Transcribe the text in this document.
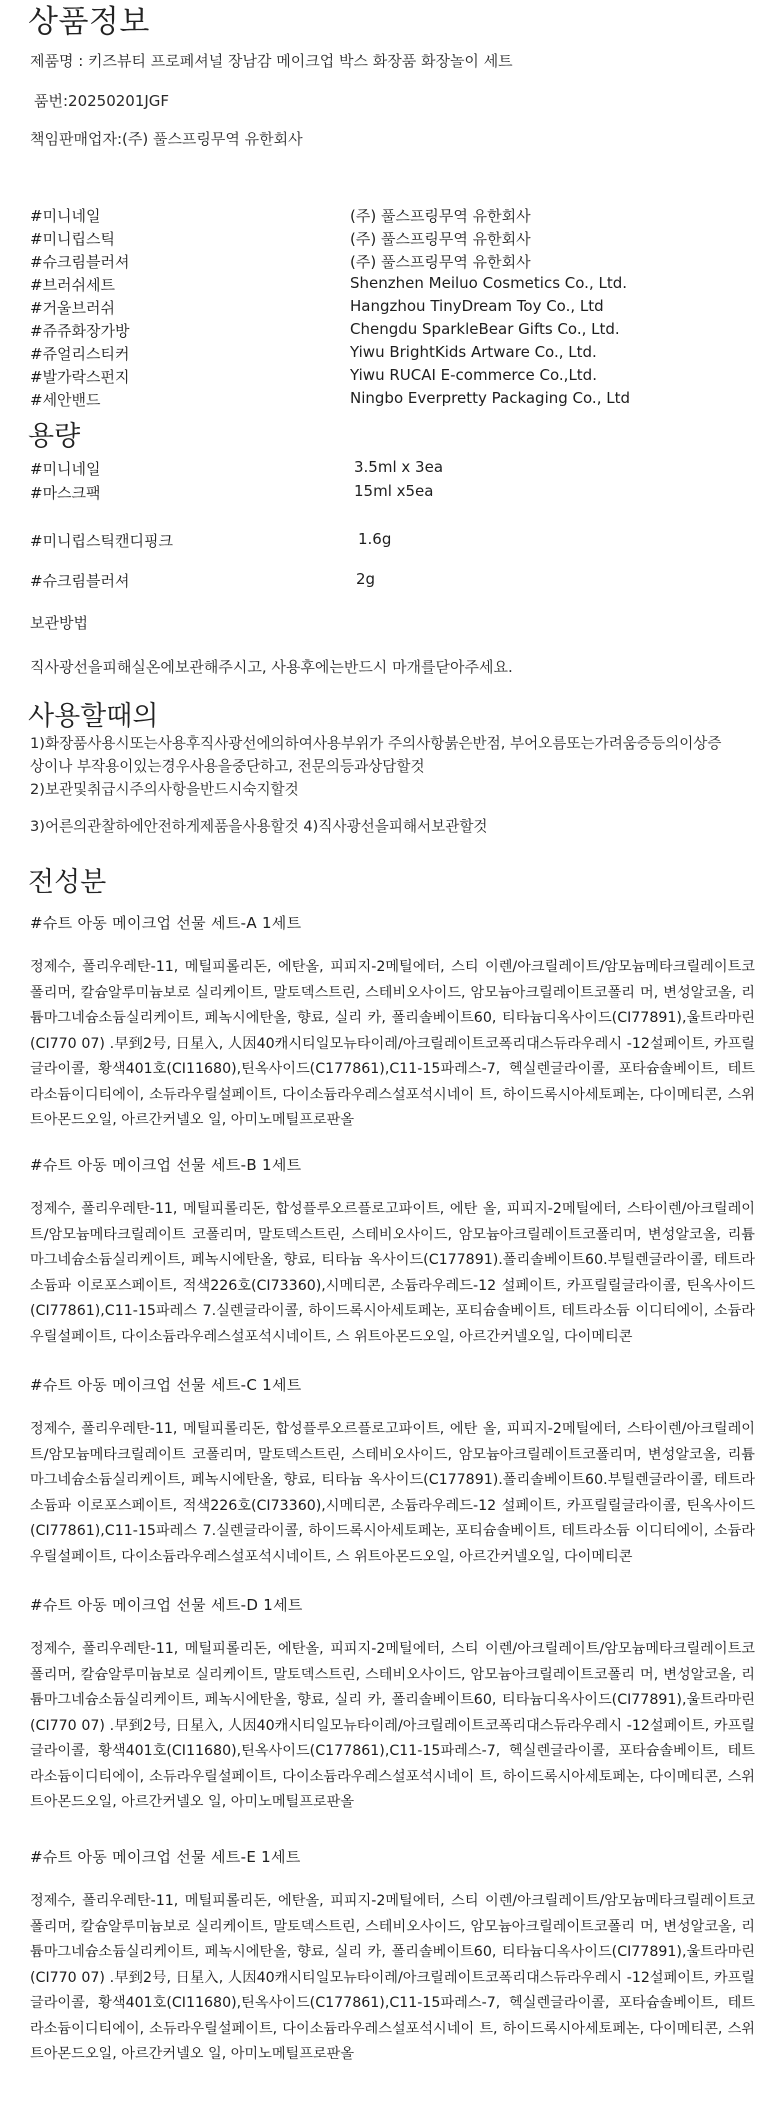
상품정보
제품명 : 키즈뷰티 프로페셔널 장남감 메이크업 박스 화장품 화장놀이 세트
품번:20250201JGF
책임판매업자:(주) 풀스프링무역 유한회사
#미니네일	(주) 풀스프링무역 유한회사
#미니립스틱	(주) 풀스프링무역 유한회사
#슈크림블러셔	(주) 풀스프링무역 유한회사
#브러쉬세트	Shenzhen Meiluo Cosmetics Co., Ltd.
#거울브러쉬	Hangzhou TinyDream Toy Co., Ltd
#쥬쥬화장가방	Chengdu SparkleBear Gifts Co., Ltd.
#쥬얼리스티커	Yiwu BrightKids Artware Co., Ltd.
#발가락스펀지	Yiwu RUCAI E-commerce Co.,Ltd.
#세안밴드	Ningbo Everpretty Packaging Co., Ltd
용량
#미니네일	3.5ml x 3ea
#마스크팩	15ml x5ea
#미니립스틱캔디핑크	1.6g
#슈크림블러셔	2g
보관방법
직사광선을피해실온에보관해주시고, 사용후에는반드시 마개를닫아주세요.
사용할때의
1)화장품사용시또는사용후직사광선에의하여사용부위가 주의사항붉은반점, 부어오름또는가려움증등의이상증
상이나 부작용이있는경우사용을중단하고, 전문의등과상담할것
2)보관및취급시주의사항을반드시숙지할것
3)어른의관찰하에안전하게제품을사용할것 4)직사광선을피해서보관할것
전성분
#슈트 아동 메이크업 선물 세트-A 1세트
정제수, 폴리우레탄-11, 메틸피롤리돈, 에탄올, 피피지-2메틸에터, 스티 이렌/아크릴레이트/암모늄메타크릴레이트코폴리머, 칼슘알루미늄보로 실리케이트, 말토덱스트린, 스테비오사이드, 암모늄아크릴레이트코폴리 머, 변성알코올, 리튬마그네슘소듐실리케이트, 페녹시에탄올, 향료, 실리 카, 폴리솔베이트60, 티타늄디옥사이드(CI77891),울트라마린(CI770 07) .早到2号, 日星入, 人因40캐시티일모뉴타이레/아크릴레이트코폭리대스듀라우레시 -12설페이트, 카프릴글라이콜, 황색401호(CI11680),틴옥사이드(C177861),C11-15파레스-7, 헥실렌글라이콜, 포타슘솔베이트, 테트 라소듐이디티에이, 소듀라우릴설페이트, 다이소듐라우레스설포석시네이 트, 하이드록시아세토페논, 다이메티콘, 스위트아몬드오일, 아르간커넬오 일, 아미노메틸프로판올
#슈트 아동 메이크업 선물 세트-B 1세트
정제수, 폴리우레탄-11, 메틸피롤리돈, 합성플루오르플로고파이트, 에탄 올, 피피지-2메틸에터, 스타이렌/아크릴레이트/암모늄메타크릴레이트 코폴리머, 말토덱스트린, 스테비오사이드, 암모늄아크릴레이트코폴리머, 변성알코올, 리튬마그네슘소듐실리케이트, 페녹시에탄올, 향료, 티타늄 옥사이드(C177891).폴리솔베이트60.부틸렌글라이콜, 테트라소듐파 이로포스페이트, 적색226호(CI73360),시메티콘, 소듐라우레드-12 설페이트, 카프릴릴글라이콜, 틴옥사이드(CI77861),C11-15파레스 7.실렌글라이콜, 하이드록시아세토페논, 포티슘솔베이트, 테트라소듐 이디티에이, 소듐라우릴설페이트, 다이소듐라우레스설포석시네이트, 스 위트아몬드오일, 아르간커넬오일, 다이메티콘
#슈트 아동 메이크업 선물 세트-C 1세트
정제수, 폴리우레탄-11, 메틸피롤리돈, 합성플루오르플로고파이트, 에탄 올, 피피지-2메틸에터, 스타이렌/아크릴레이트/암모늄메타크릴레이트 코폴리머, 말토덱스트린, 스테비오사이드, 암모늄아크릴레이트코폴리머, 변성알코올, 리튬마그네슘소듐실리케이트, 페녹시에탄올, 향료, 티타늄 옥사이드(C177891).폴리솔베이트60.부틸렌글라이콜, 테트라소듐파 이로포스페이트, 적색226호(CI73360),시메티콘, 소듐라우레드-12 설페이트, 카프릴릴글라이콜, 틴옥사이드(CI77861),C11-15파레스 7.실렌글라이콜, 하이드록시아세토페논, 포티슘솔베이트, 테트라소듐 이디티에이, 소듐라우릴설페이트, 다이소듐라우레스설포석시네이트, 스 위트아몬드오일, 아르간커넬오일, 다이메티콘
#슈트 아동 메이크업 선물 세트-D 1세트
정제수, 폴리우레탄-11, 메틸피롤리돈, 에탄올, 피피지-2메틸에터, 스티 이렌/아크릴레이트/암모늄메타크릴레이트코폴리머, 칼슘알루미늄보로 실리케이트, 말토덱스트린, 스테비오사이드, 암모늄아크릴레이트코폴리 머, 변성알코올, 리튬마그네슘소듐실리케이트, 페녹시에탄올, 향료, 실리 카, 폴리솔베이트60, 티타늄디옥사이드(CI77891),울트라마린(CI770 07) .早到2号, 日星入, 人因40캐시티일모뉴타이레/아크릴레이트코폭리대스듀라우레시 -12설페이트, 카프릴글라이콜, 황색401호(CI11680),틴옥사이드(C177861),C11-15파레스-7, 헥실렌글라이콜, 포타슘솔베이트, 테트 라소듐이디티에이, 소듀라우릴설페이트, 다이소듐라우레스설포석시네이 트, 하이드록시아세토페논, 다이메티콘, 스위트아몬드오일, 아르간커넬오 일, 아미노메틸프로판올
#슈트 아동 메이크업 선물 세트-E 1세트
정제수, 폴리우레탄-11, 메틸피롤리돈, 에탄올, 피피지-2메틸에터, 스티 이렌/아크릴레이트/암모늄메타크릴레이트코폴리머, 칼슘알루미늄보로 실리케이트, 말토덱스트린, 스테비오사이드, 암모늄아크릴레이트코폴리 머, 변성알코올, 리튬마그네슘소듐실리케이트, 페녹시에탄올, 향료, 실리 카, 폴리솔베이트60, 티타늄디옥사이드(CI77891),울트라마린(CI770 07) .早到2号, 日星入, 人因40캐시티일모뉴타이레/아크릴레이트코폭리대스듀라우레시 -12설페이트, 카프릴글라이콜, 황색401호(CI11680),틴옥사이드(C177861),C11-15파레스-7, 헥실렌글라이콜, 포타슘솔베이트, 테트 라소듐이디티에이, 소듀라우릴설페이트, 다이소듐라우레스설포석시네이 트, 하이드록시아세토페논, 다이메티콘, 스위트아몬드오일, 아르간커넬오 일, 아미노메틸프로판올
